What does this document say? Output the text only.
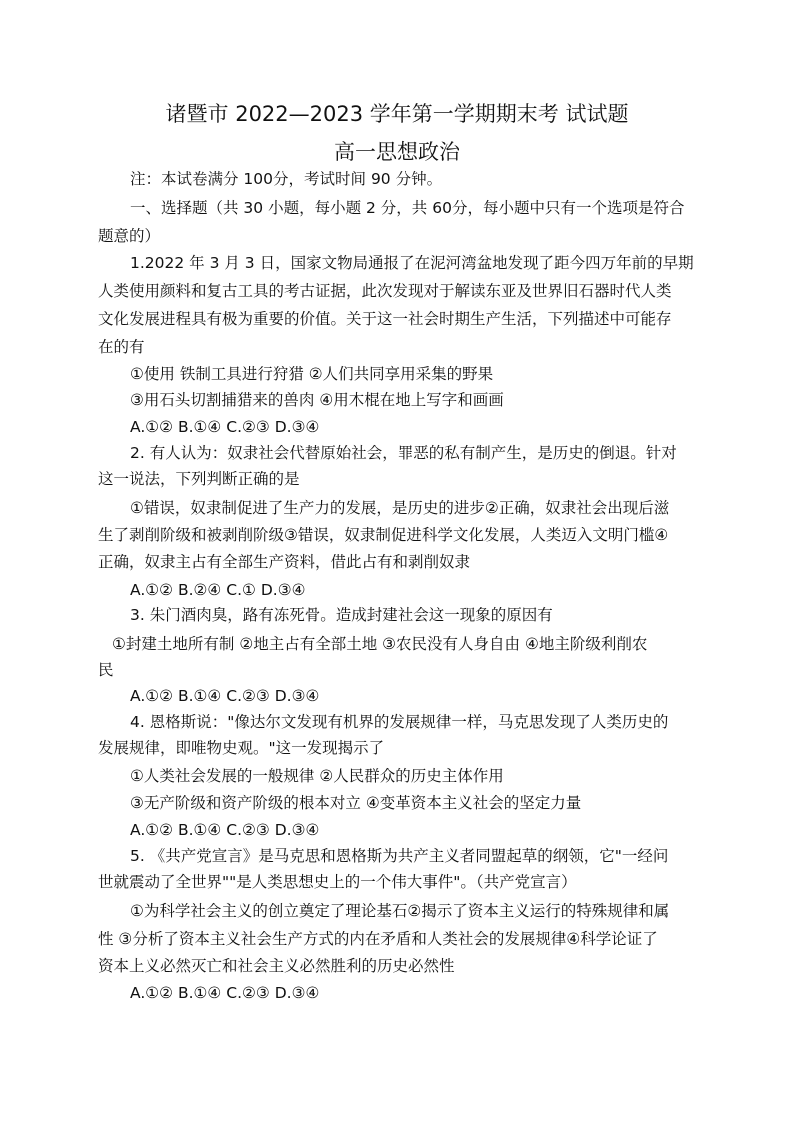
诸暨市 2022—2023 学年第一学期期末考 试试题
高一思想政治
注：本试卷满分 100分，考试时间 90 分钟。
一、选择题（共 30 小题，每小题 2 分，共 60分，每小题中只有一个选项是符合
题意的）
1.2022 年 3 月 3 日，国家文物局通报了在泥河湾盆地发现了距今四万年前的早期
人类使用颜料和复古工具的考古证据，此次发现对于解读东亚及世界旧石器时代人类
文化发展进程具有极为重要的价值。关于这一社会时期生产生活，下列描述中可能存
在的有
①使用 铁制工具进行狩猎 ②人们共同享用采集的野果
③用石头切割捕猎来的兽肉 ④用木棍在地上写字和画画
A.①② B.①④ C.②③ D.③④
2. 有人认为：奴隶社会代替原始社会，罪恶的私有制产生，是历史的倒退。针对
这一说法，下列判断正确的是
①错误，奴隶制促进了生产力的发展，是历史的进步②正确，奴隶社会出现后滋
生了剥削阶级和被剥削阶级③错误，奴隶制促进科学文化发展，人类迈入文明门槛④
正确，奴隶主占有全部生产资料，借此占有和剥削奴隶
A.①② B.②④ C.① D.③④
3. 朱门酒肉臭，路有冻死骨。造成封建社会这一现象的原因有
①封建土地所有制 ②地主占有全部土地 ③农民没有人身自由 ④地主阶级利削农
民
A.①② B.①④ C.②③ D.③④
4. 恩格斯说："像达尔文发现有机界的发展规律一样，马克思发现了人类历史的
发展规律，即唯物史观。"这一发现揭示了
①人类社会发展的一般规律 ②人民群众的历史主体作用
③无产阶级和资产阶级的根本对立 ④变革资本主义社会的坚定力量
A.①② B.①④ C.②③ D.③④
5. 《共产党宣言》是马克思和恩格斯为共产主义者同盟起草的纲领，它"一经问
世就震动了全世界""是人类思想史上的一个伟大事件"。（共产党宣言）
①为科学社会主义的创立奠定了理论基石②揭示了资本主义运行的特殊规律和属
性 ③分析了资本主义社会生产方式的内在矛盾和人类社会的发展规律④科学论证了
资本上义必然灭亡和社会主义必然胜利的历史必然性
A.①② B.①④ C.②③ D.③④
